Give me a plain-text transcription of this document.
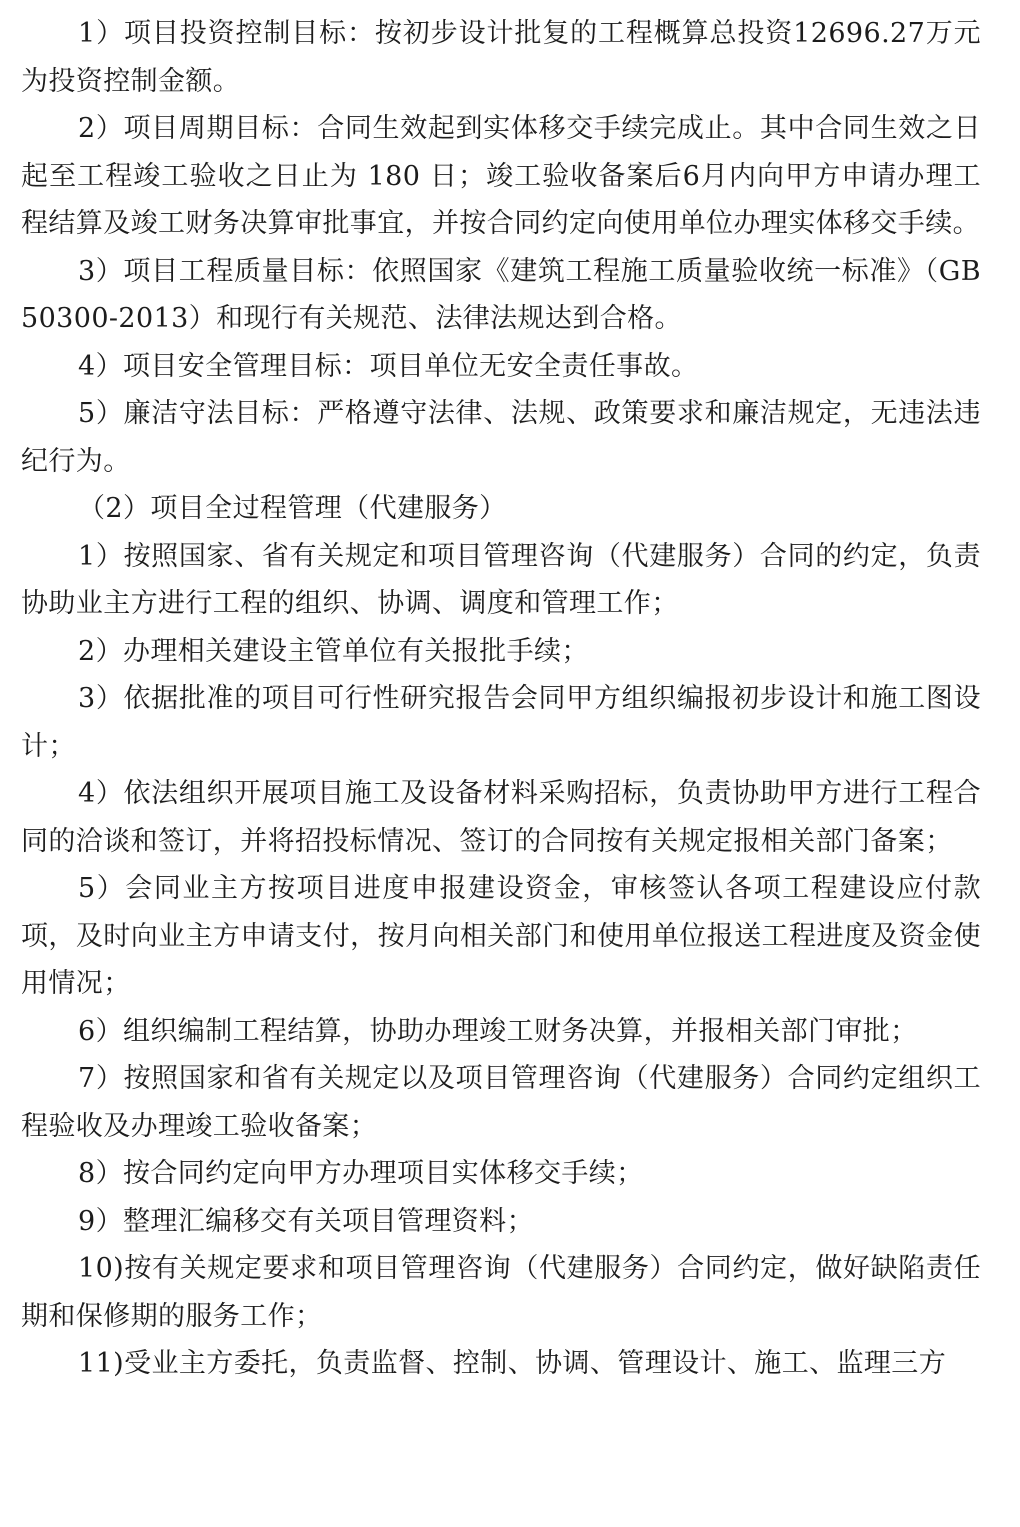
1）项目投资控制目标：按初步设计批复的工程概算总投资12696.27万元为投资控制金额。

2）项目周期目标：合同生效起到实体移交手续完成止。其中合同生效之日起至工程竣工验收之日止为 180 日；竣工验收备案后6月内向甲方申请办理工程结算及竣工财务决算审批事宜，并按合同约定向使用单位办理实体移交手续。

3）项目工程质量目标：依照国家《建筑工程施工质量验收统一标准》（GB50300-2013）和现行有关规范、法律法规达到合格。

4）项目安全管理目标：项目单位无安全责任事故。

5）廉洁守法目标：严格遵守法律、法规、政策要求和廉洁规定，无违法违纪行为。

（2）项目全过程管理（代建服务）

1）按照国家、省有关规定和项目管理咨询（代建服务）合同的约定，负责协助业主方进行工程的组织、协调、调度和管理工作；

2）办理相关建设主管单位有关报批手续；

3）依据批准的项目可行性研究报告会同甲方组织编报初步设计和施工图设计；

4）依法组织开展项目施工及设备材料采购招标，负责协助甲方进行工程合同的洽谈和签订，并将招投标情况、签订的合同按有关规定报相关部门备案；

5）会同业主方按项目进度申报建设资金，审核签认各项工程建设应付款项，及时向业主方申请支付，按月向相关部门和使用单位报送工程进度及资金使用情况；

6）组织编制工程结算，协助办理竣工财务决算，并报相关部门审批；

7）按照国家和省有关规定以及项目管理咨询（代建服务）合同约定组织工程验收及办理竣工验收备案；

8）按合同约定向甲方办理项目实体移交手续；

9）整理汇编移交有关项目管理资料；

10)按有关规定要求和项目管理咨询（代建服务）合同约定，做好缺陷责任期和保修期的服务工作；

11)受业主方委托，负责监督、控制、协调、管理设计、施工、监理三方
